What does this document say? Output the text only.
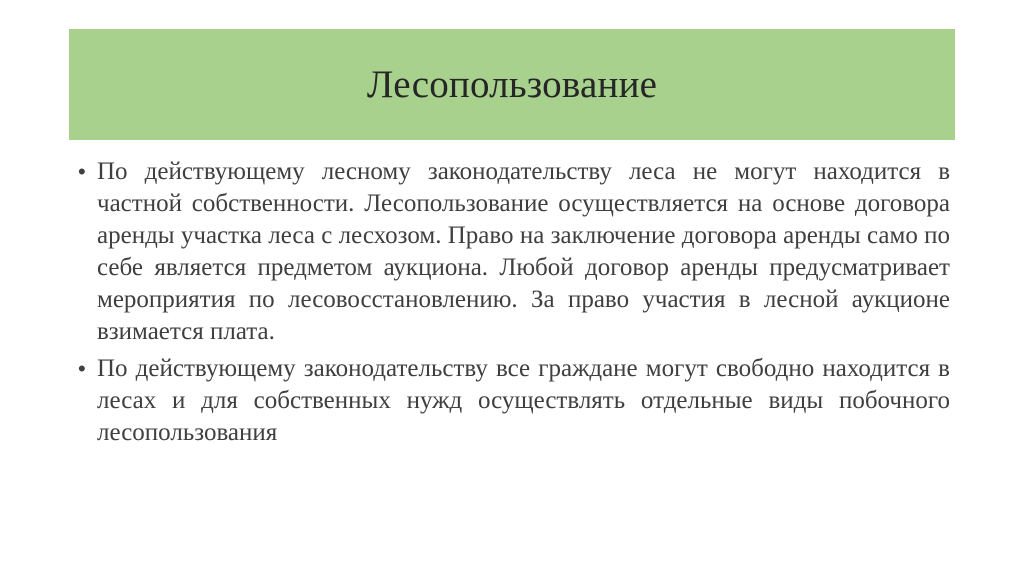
Лесопользование
• По действующему лесному законодательству леса не могут находится в частной собственности. Лесопользование осуществляется на основе договора аренды участка леса с лесхозом. Право на заключение договора аренды само по себе является предметом аукциона. Любой договор аренды предусматривает мероприятия по лесовосстановлению. За право участия в лесной аукционе взимается плата.

• По действующему законодательству все граждане могут свободно находится в лесах и для собственных нужд осуществлять отдельные виды побочного лесопользования
